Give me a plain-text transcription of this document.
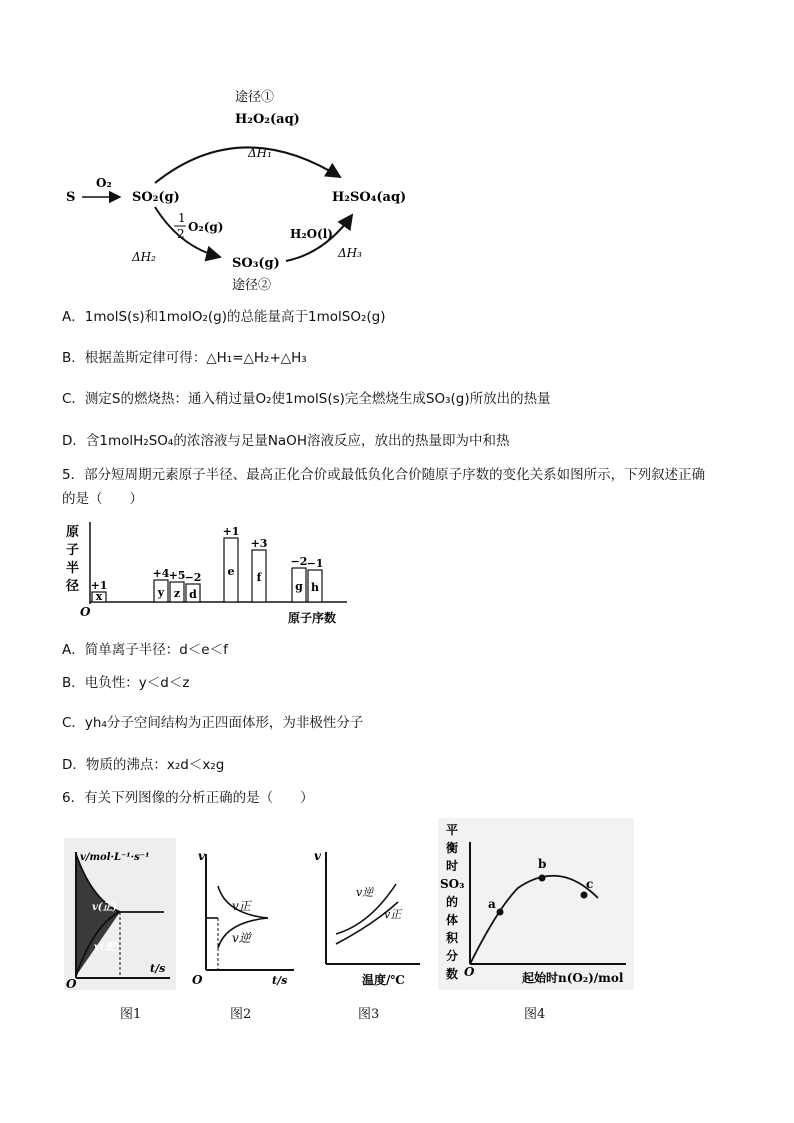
途径①
H₂O₂(aq)
ΔH₁
S
O₂
SO₂(g)	H₂SO₄(aq)
1
2 O₂(g)
ΔH₂
H₂O(l)
ΔH₃
SO₃(g)
途径②
A．1molS(s)和1molO₂(g)的总能量高于1molSO₂(g)
B．根据盖斯定律可得：△H₁=△H₂+△H₃
C．测定S的燃烧热：通入稍过量O₂使1molS(s)完全燃烧生成SO₃(g)所放出的热量
D．含1molH₂SO₄的浓溶液与足量NaOH溶液反应，放出的热量即为中和热
5．部分短周期元素原子半径、最高正化合价或最低负化合价随原子序数的变化关系如图所示，下列叙述正确
的是（　　）
原
子
半
径
O	原子序数
x
+1
y
+4
z
+5
d
−2 e
+1
f
+3
g
−2
h
−1
A．简单离子半径：d＜e＜f
B．电负性：y＜d＜z
C．yh₄分子空间结构为正四面体形，为非极性分子
D．物质的沸点：x₂d＜x₂g
6．有关下列图像的分析正确的是（　　）
v/mol·L⁻¹·s⁻¹
v(正)
v(逆)
t/s
O
图1
v
v正
v逆
t/s
O
图2
v
v逆
v正
温度/℃
图3
平
衡
时
SO₃
的
体
积
分
数
a
b
c
O	起始时n(O₂)/mol
图4
